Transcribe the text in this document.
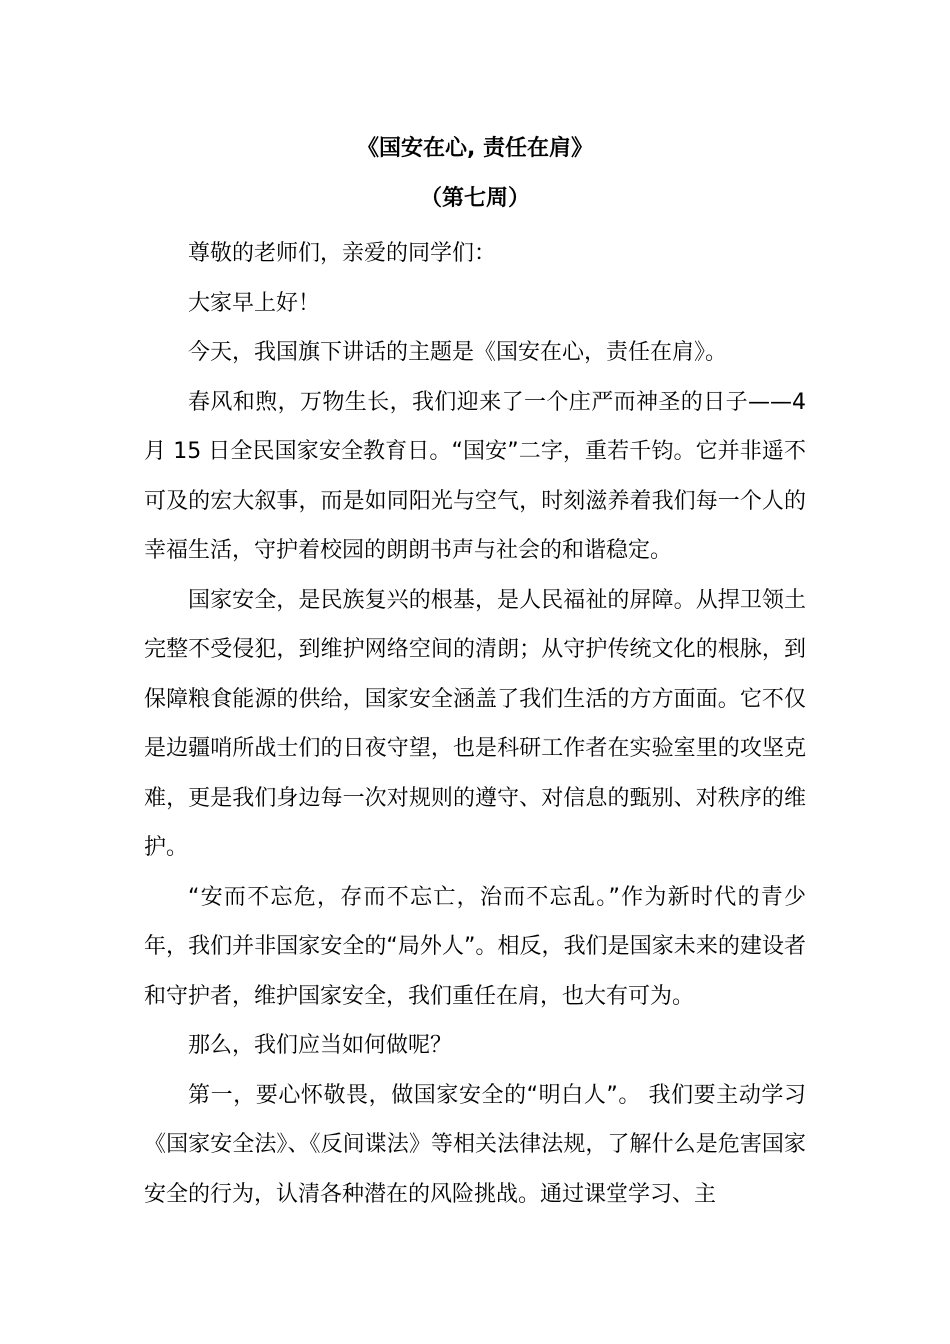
《国安在心, 责任在肩》
（第七周）

尊敬的老师们，亲爱的同学们：

大家早上好！

今天，我国旗下讲话的主题是《国安在心，责任在肩》。

春风和煦，万物生长，我们迎来了一个庄严而神圣的日子——4 月 15 日全民国家安全教育日。“国安”二字，重若千钧。它并非遥不可及的宏大叙事，而是如同阳光与空气，时刻滋养着我们每一个人的幸福生活，守护着校园的朗朗书声与社会的和谐稳定。

国家安全，是民族复兴的根基，是人民福祉的屏障。从捍卫领土完整不受侵犯，到维护网络空间的清朗；从守护传统文化的根脉，到保障粮食能源的供给，国家安全涵盖了我们生活的方方面面。它不仅是边疆哨所战士们的日夜守望，也是科研工作者在实验室里的攻坚克难，更是我们身边每一次对规则的遵守、对信息的甄别、对秩序的维护。

“安而不忘危，存而不忘亡，治而不忘乱。”作为新时代的青少年，我们并非国家安全的“局外人”。相反，我们是国家未来的建设者和守护者，维护国家安全，我们重任在肩，也大有可为。

那么，我们应当如何做呢？

第一，要心怀敬畏，做国家安全的“明白人”。 我们要主动学习《国家安全法》、《反间谍法》等相关法律法规，了解什么是危害国家安全的行为，认清各种潜在的风险挑战。通过课堂学习、主
